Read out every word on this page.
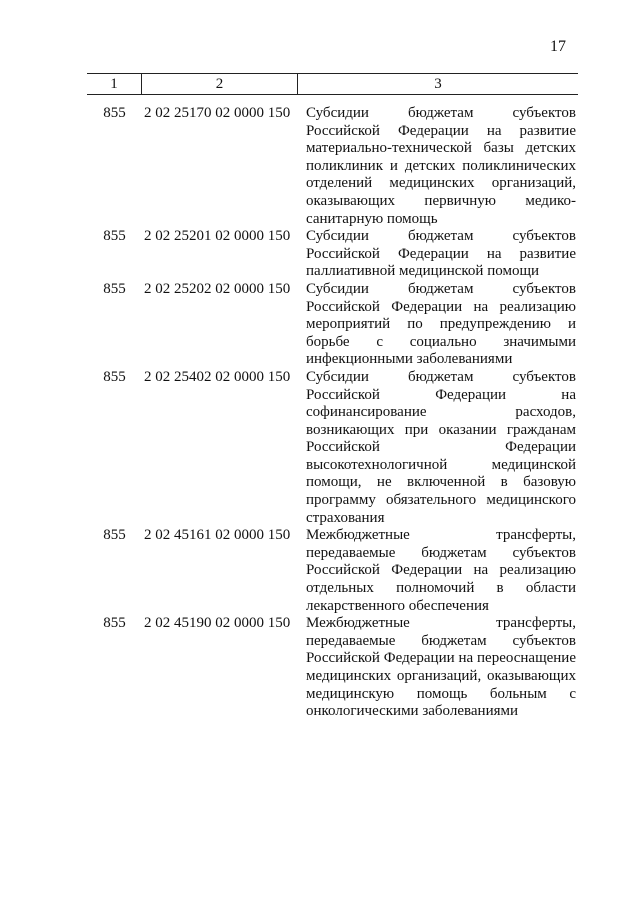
17
1	2	3
855	2 02 25170 02 0000 150	Субсидии бюджетам субъектов Российской Федерации на развитие материально-технической базы детских поликлиник и детских поликлинических отделений медицинских организаций, оказывающих первичную медико-санитарную помощь
855	2 02 25201 02 0000 150	Субсидии бюджетам субъектов Российской Федерации на развитие паллиативной медицинской помощи
855	2 02 25202 02 0000 150	Субсидии бюджетам субъектов Российской Федерации на реализацию мероприятий по предупреждению и борьбе с социально значимыми инфекционными заболеваниями
855	2 02 25402 02 0000 150	Субсидии бюджетам субъектов Российской Федерации на софинансирование расходов, возникающих при оказании гражданам Российской Федерации высокотехнологичной медицинской помощи, не включенной в базовую программу обязательного медицинского страхования
855	2 02 45161 02 0000 150	Межбюджетные трансферты, передаваемые бюджетам субъектов Российской Федерации на реализацию отдельных полномочий в области лекарственного обеспечения
855	2 02 45190 02 0000 150	Межбюджетные трансферты, передаваемые бюджетам субъектов Российской Федерации на переоснащение медицинских организаций, оказывающих медицинскую помощь больным с онкологическими заболеваниями
